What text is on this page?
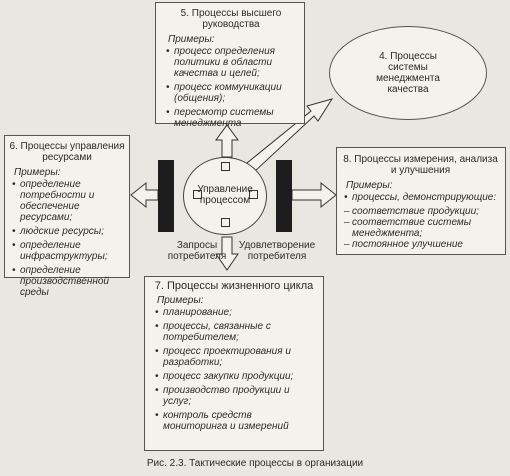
5. Процессы высшего руководства
Примеры:
• процесс определения политики в области качества и целей;
• процесс коммуникации (общения);
• пересмотр системы менеджмента
4. Процессы
системы
менеджмента
качества
6. Процессы управления ресурсами
Примеры:
• определение потребности и обеспечение ресурсами;
• людские ресурсы;
• определение инфраструктуры;
• определение производственной среды
8. Процессы измерения, анализа и улучшения
Примеры:
• процессы, демонстрирующие:
– соответствие продукции;
– соответствие системы менеджмента;
– постоянное улучшение
7. Процессы жизненного цикла
Примеры:
• планирование;
• процессы, связанные с потребителем;
• процесс проектирования и разработки;
• процесс закупки продукции;
• производство продукции и услуг;
• контроль средств мониторинга и измерений
Управление
процессом
Запросы
потребителя
Удовлетворение
потребителя
Рис. 2.3. Тактические процессы в организации
